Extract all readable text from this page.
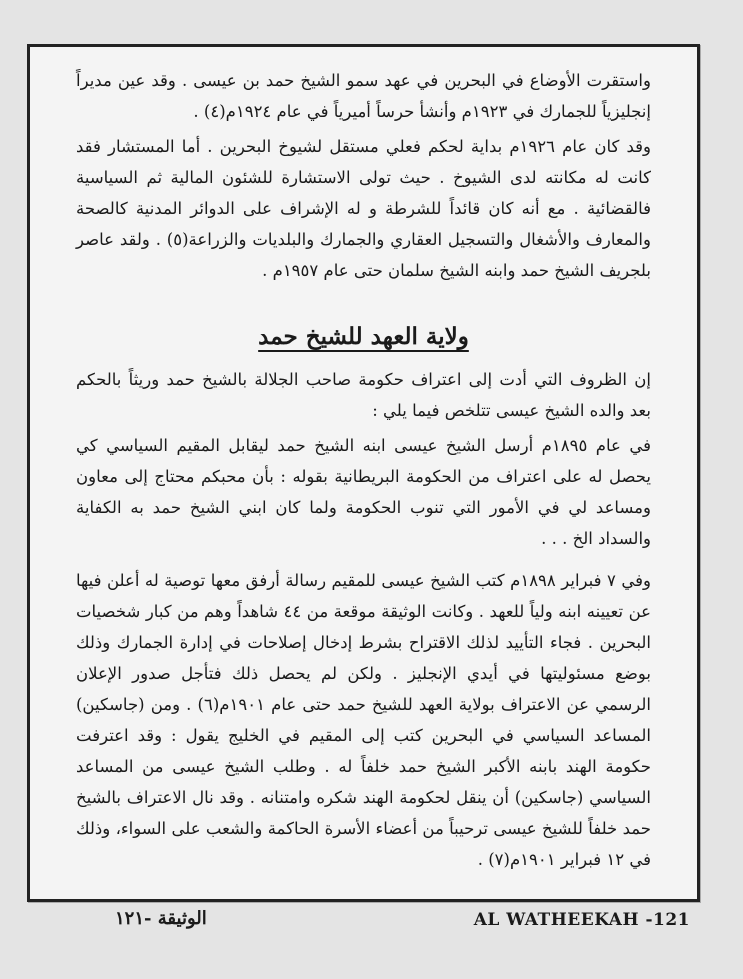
واستقرت الأوضاع في البحرين في عهد سمو الشيخ حمد بن عيسى . وقد عين مديراً إنجليزياً للجمارك في ١٩٢٣م وأنشأ حرساً أميرياً في عام ١٩٢٤م(٤) .

وقد كان عام ١٩٢٦م بداية لحكم فعلي مستقل لشيوخ البحرين . أما المستشار فقد كانت له مكانته لدى الشيوخ . حيث تولى الاستشارة للشئون المالية ثم السياسية فالقضائية . مع أنه كان قائداً للشرطة و له الإشراف على الدوائر المدنية كالصحة والمعارف والأشغال والتسجيل العقاري والجمارك والبلديات والزراعة(٥) . ولقد عاصر بلجريف الشيخ حمد وابنه الشيخ سلمان حتى عام ١٩٥٧م .

ولاية العهد للشيخ حمد

إن الظروف التي أدت إلى اعتراف حكومة صاحب الجلالة بالشيخ حمد وريثاً بالحكم بعد والده الشيخ عيسى تتلخص فيما يلي :

في عام ١٨٩٥م أرسل الشيخ عيسى ابنه الشيخ حمد ليقابل المقيم السياسي كي يحصل له على اعتراف من الحكومة البريطانية بقوله : بأن محبكم محتاج إلى معاون ومساعد لي في الأمور التي تنوب الحكومة ولما كان ابني الشيخ حمد به الكفاية والسداد الخ . . .

وفي ٧ فبراير ١٨٩٨م كتب الشيخ عيسى للمقيم رسالة أرفق معها توصية له أعلن فيها عن تعيينه ابنه ولياً للعهد . وكانت الوثيقة موقعة من ٤٤ شاهداً وهم من كبار شخصيات البحرين . فجاء التأييد لذلك الاقتراح بشرط إدخال إصلاحات في إدارة الجمارك وذلك بوضع مسئوليتها في أيدي الإنجليز . ولكن لم يحصل ذلك فتأجل صدور الإعلان الرسمي عن الاعتراف بولاية العهد للشيخ حمد حتى عام ١٩٠١م(٦) . ومن (جاسكين) المساعد السياسي في البحرين كتب إلى المقيم في الخليج يقول : وقد اعترفت حكومة الهند بابنه الأكبر الشيخ حمد خلفاً له . وطلب الشيخ عيسى من المساعد السياسي (جاسكين) أن ينقل لحكومة الهند شكره وامتنانه . وقد نال الاعتراف بالشيخ حمد خلفاً للشيخ عيسى ترحيباً من أعضاء الأسرة الحاكمة والشعب على السواء، وذلك في ١٢ فبراير ١٩٠١م(٧) .

الوثيقة -١٢١	AL WATHEEKAH -121
